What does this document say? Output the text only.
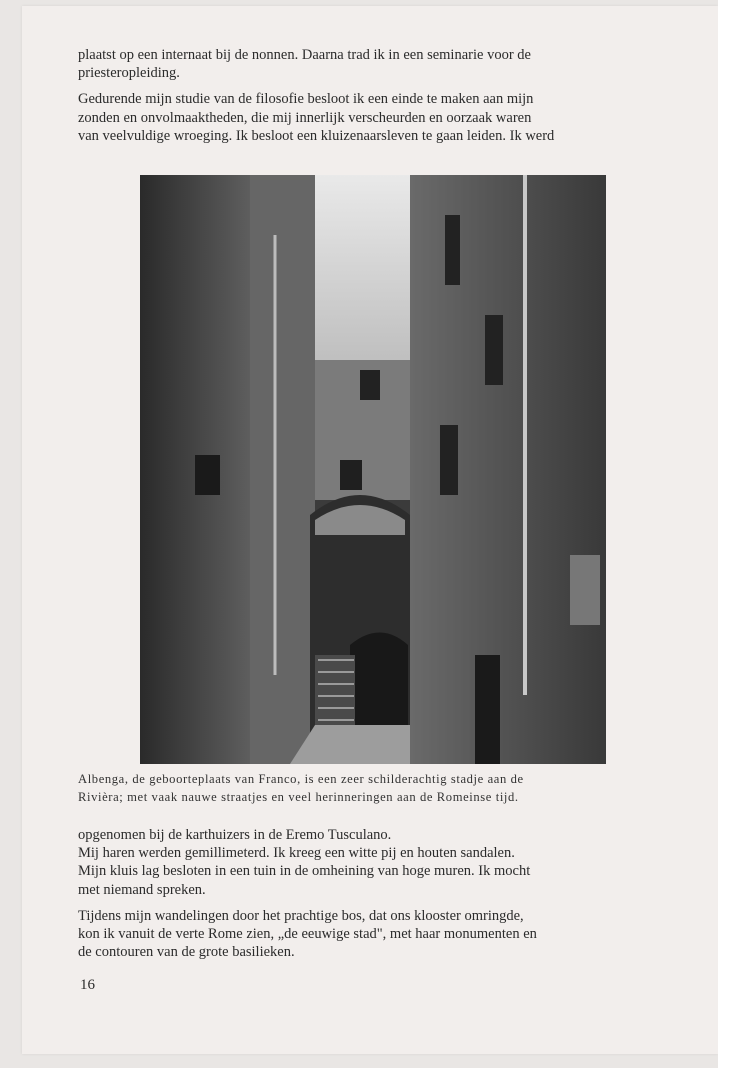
plaatst op een internaat bij de nonnen. Daarna trad ik in een seminarie voor de
priesteropleiding.

Gedurende mijn studie van de filosofie besloot ik een einde te maken aan mijn
zonden en onvolmaaktheden, die mij innerlijk verscheurden en oorzaak waren
van veelvuldige wroeging. Ik besloot een kluizenaarsleven te gaan leiden. Ik werd

Albenga, de geboorteplaats van Franco, is een zeer schilderachtig stadje aan de
Rivièra; met vaak nauwe straatjes en veel herinneringen aan de Romeinse tijd.

opgenomen bij de karthuizers in de Eremo Tusculano.
Mij haren werden gemillimeterd. Ik kreeg een witte pij en houten sandalen.
Mijn kluis lag besloten in een tuin in de omheining van hoge muren. Ik mocht
met niemand spreken.

Tijdens mijn wandelingen door het prachtige bos, dat ons klooster omringde,
kon ik vanuit de verte Rome zien, „de eeuwige stad", met haar monumenten en
de contouren van de grote basilieken.

16
